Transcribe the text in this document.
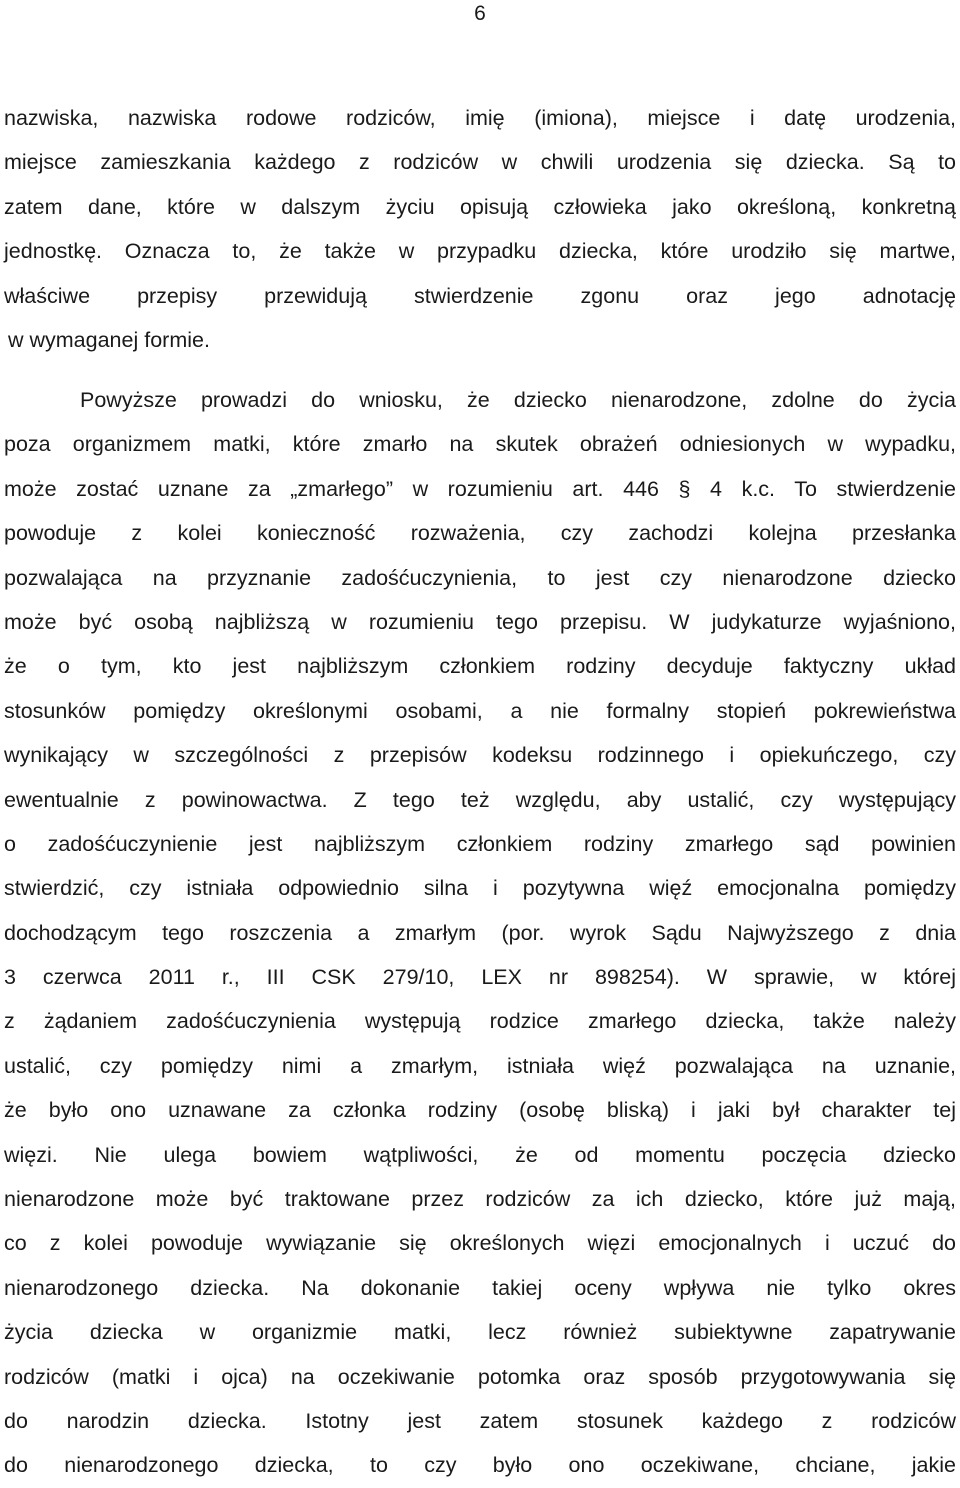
6
nazwiska, nazwiska rodowe rodziców, imię (imiona), miejsce i datę urodzenia,
miejsce zamieszkania każdego z rodziców w chwili urodzenia się dziecka. Są to
zatem dane, które w dalszym życiu opisują człowieka jako określoną, konkretną
jednostkę. Oznacza to, że także w przypadku dziecka, które urodziło się martwe,
właściwe przepisy przewidują stwierdzenie zgonu oraz jego adnotację
w wymaganej formie.
Powyższe prowadzi do wniosku, że dziecko nienarodzone, zdolne do życia
poza organizmem matki, które zmarło na skutek obrażeń odniesionych w wypadku,
może zostać uznane za „zmarłego” w rozumieniu art. 446 § 4 k.c. To stwierdzenie
powoduje z kolei konieczność rozważenia, czy zachodzi kolejna przesłanka
pozwalająca na przyznanie zadośćuczynienia, to jest czy nienarodzone dziecko
może być osobą najbliższą w rozumieniu tego przepisu. W judykaturze wyjaśniono,
że o tym, kto jest najbliższym członkiem rodziny decyduje faktyczny układ
stosunków pomiędzy określonymi osobami, a nie formalny stopień pokrewieństwa
wynikający w szczególności z przepisów kodeksu rodzinnego i opiekuńczego, czy
ewentualnie z powinowactwa. Z tego też względu, aby ustalić, czy występujący
o zadośćuczynienie jest najbliższym członkiem rodziny zmarłego sąd powinien
stwierdzić, czy istniała odpowiednio silna i pozytywna więź emocjonalna pomiędzy
dochodzącym tego roszczenia a zmarłym (por. wyrok Sądu Najwyższego z dnia
3 czerwca 2011 r., III CSK 279/10, LEX nr 898254). W sprawie, w której
z żądaniem zadośćuczynienia występują rodzice zmarłego dziecka, także należy
ustalić, czy pomiędzy nimi a zmarłym, istniała więź pozwalająca na uznanie,
że było ono uznawane za członka rodziny (osobę bliską) i jaki był charakter tej
więzi. Nie ulega bowiem wątpliwości, że od momentu poczęcia dziecko
nienarodzone może być traktowane przez rodziców za ich dziecko, które już mają,
co z kolei powoduje wywiązanie się określonych więzi emocjonalnych i uczuć do
nienarodzonego dziecka. Na dokonanie takiej oceny wpływa nie tylko okres
życia dziecka w organizmie matki, lecz również subiektywne zapatrywanie
rodziców (matki i ojca) na oczekiwanie potomka oraz sposób przygotowywania się
do narodzin dziecka. Istotny jest zatem stosunek każdego z rodziców
do nienarodzonego dziecka, to czy było ono oczekiwane, chciane, jakie
